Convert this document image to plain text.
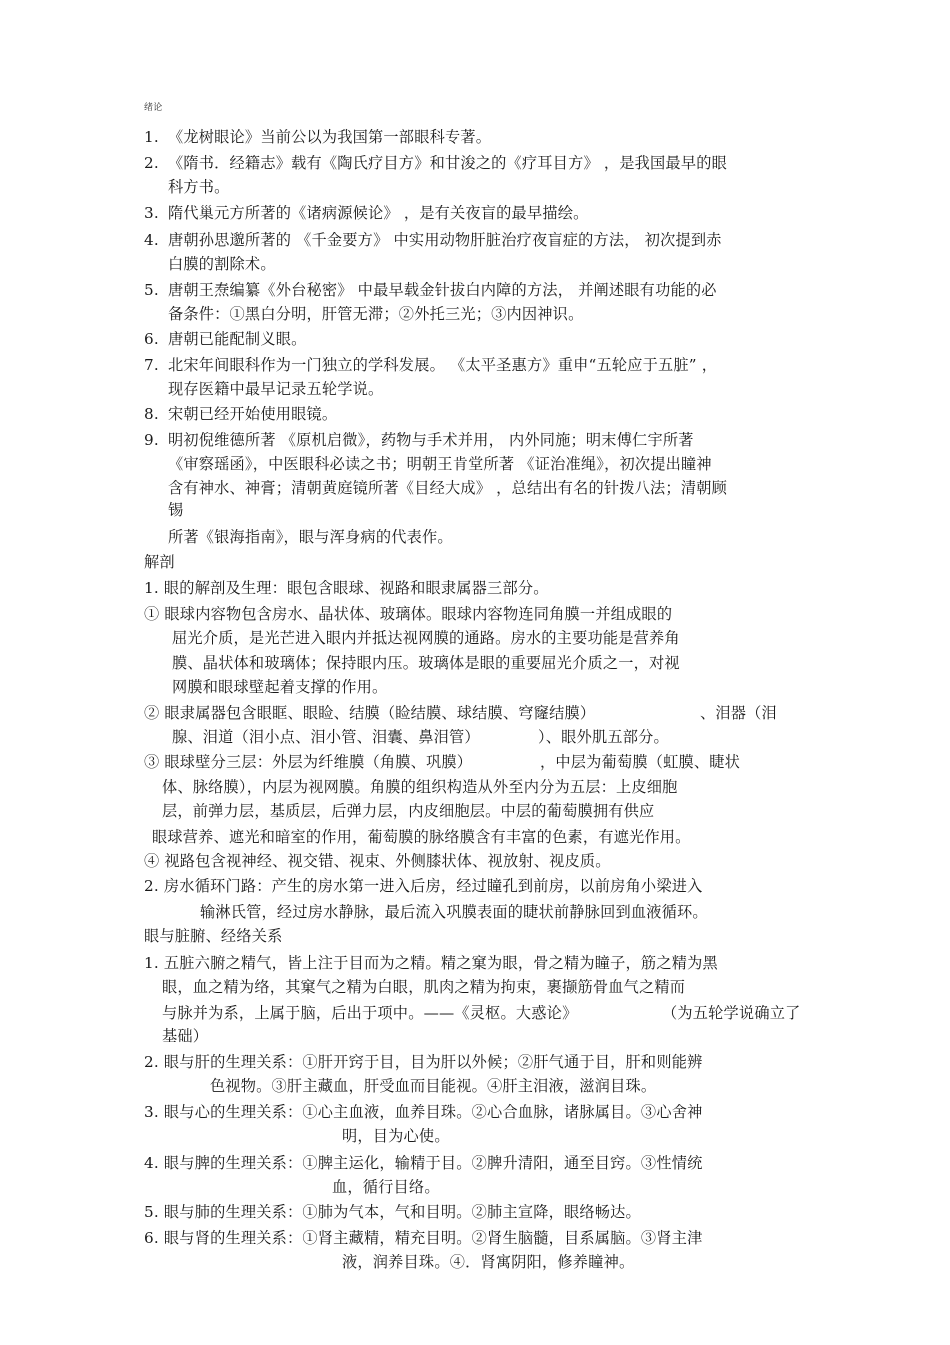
绪论
1. 《龙树眼论》当前公以为我国第一部眼科专著。
2. 《隋书．经籍志》载有《陶氏疗目方》和甘浚之的《疗耳目方》 ，是我国最早的眼
科方书。
3. 隋代巢元方所著的《诸病源候论》 ，是有关夜盲的最早描绘。
4. 唐朝孙思邈所著的 《千金要方》 中实用动物肝脏治疗夜盲症的方法， 初次提到赤
白膜的割除术。
5. 唐朝王焘编纂《外台秘密》 中最早载金针拔白内障的方法， 并阐述眼有功能的必
备条件：①黑白分明，肝管无滞；②外托三光；③内因神识。
6. 唐朝已能配制义眼。
7. 北宋年间眼科作为一门独立的学科发展。 《太平圣惠方》重申“五轮应于五脏” ，
现存医籍中最早记录五轮学说。
8. 宋朝已经开始使用眼镜。
9. 明初倪维德所著 《原机启微》，药物与手术并用， 内外同施；明末傅仁宇所著
《审察瑶函》，中医眼科必读之书；明朝王肯堂所著 《证治准绳》，初次提出瞳神
含有神水、神膏；清朝黄庭镜所著《目经大成》 ，总结出有名的针拨八法；清朝顾
锡
所著《银海指南》，眼与浑身病的代表作。
解剖
1. 眼的解剖及生理：眼包含眼球、视路和眼隶属器三部分。
① 眼球内容物包含房水、晶状体、玻璃体。眼球内容物连同角膜一并组成眼的
屈光介质，是光芒进入眼内并抵达视网膜的通路。房水的主要功能是营养角
膜、晶状体和玻璃体；保持眼内压。玻璃体是眼的重要屈光介质之一，对视
网膜和眼球壁起着支撑的作用。
② 眼隶属器包含眼眶、眼睑、结膜（睑结膜、球结膜、穹窿结膜）	、泪器（泪
腺、泪道（泪小点、泪小管、泪囊、鼻泪管）	）、眼外肌五部分。
③ 眼球壁分三层：外层为纤维膜（角膜、巩膜）	，中层为葡萄膜（虹膜、睫状
体、脉络膜），内层为视网膜。角膜的组织构造从外至内分为五层：上皮细胞
层，前弹力层，基质层，后弹力层，内皮细胞层。中层的葡萄膜拥有供应
眼球营养、遮光和暗室的作用，葡萄膜的脉络膜含有丰富的色素，有遮光作用。
④ 视路包含视神经、视交错、视束、外侧膝状体、视放射、视皮质。
2. 房水循环门路：产生的房水第一进入后房，经过瞳孔到前房，以前房角小梁进入
输淋氏管，经过房水静脉，最后流入巩膜表面的睫状前静脉回到血液循环。
眼与脏腑、经络关系
1. 五脏六腑之精气，皆上注于目而为之精。精之窠为眼，骨之精为瞳子，筋之精为黑
眼，血之精为络，其窠气之精为白眼，肌肉之精为拘束，裹撷筋骨血气之精而
与脉并为系，上属于脑，后出于项中。——《灵枢。大惑论》	（为五轮学说确立了
基础）
2. 眼与肝的生理关系：①肝开窍于目，目为肝以外候；②肝气通于目，肝和则能辨
色视物。③肝主藏血，肝受血而目能视。④肝主泪液，滋润目珠。
3. 眼与心的生理关系：①心主血液，血养目珠。②心合血脉，诸脉属目。③心舍神
明，目为心使。
4. 眼与脾的生理关系：①脾主运化，输精于目。②脾升清阳，通至目窍。③性情统
血，循行目络。
5. 眼与肺的生理关系：①肺为气本，气和目明。②肺主宣降，眼络畅达。
6. 眼与肾的生理关系：①肾主藏精，精充目明。②肾生脑髓，目系属脑。③肾主津
液，润养目珠。④．肾寓阴阳，修养瞳神。
